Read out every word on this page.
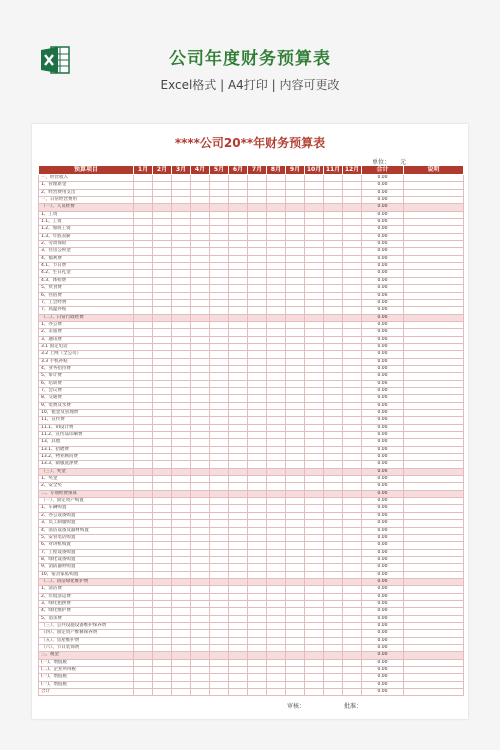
公司年度财务预算表
Excel格式 | A4打印 | 内容可更改
****公司20**年财务预算表
单位： 元
预算项目	1月	2月	3月	4月	5月	6月	7月	8月	9月	10月	11月	12月	合计	说明
一、经营收入													0.00	
1、管理新金													0.00	
2、经营费用支出													0.00	
一、日常经营费用													0.00	
（一）、人员经费													0.00	
1、工资													0.00	
1.1、工资													0.00	
1.2、加班工资													0.00	
1.3、年底双薪													0.00	
2、劳动保险													0.00	
3、住房公积金													0.00	
4、福利费													0.00	
4.1、节日费													0.00	
4.2、生日礼金													0.00	
4.3、体检费													0.00	
5、伙食费													0.00	
6、住宿费													0.00	
7、工会经费													0.00	
7、高温补贴													0.00	
（二）、日常行政经费													0.00	
1、办公费													0.00	
2、差旅费													0.00	
3、通讯费													0.00	
3.1 固定电话													0.00	
3.2 上网（全公司）													0.00	
3.3 手机补贴													0.00	
4、业务招待费													0.00	
5、审计费													0.00	
6、培训费													0.00	
7、会议费													0.00	
8、交通费													0.00	
9、电费及水费													0.00	
10、租金及管理费													0.00	
11、宣传费													0.00	
11.1、VI设计费													0.00	
11.2、宣传品印刷费													0.00	
13、其他													0.00	
13.1、招聘费													0.00	
13.2、物业顾问费													0.00	
13.3、制服洗涤费													0.00	
（三）、奖金													0.00	
1、奖金													0.00	
2、安全奖													0.00	
二、专项经费预算													0.00	
（一）、固定资产购置													0.00	
1、车辆购置													0.00	
2、办公设备购置													0.00	
3、员工制服购置													0.00	
4、清洁设备及器材购置													0.00	
5、安管电话购置													0.00	
6、对讲机购置													0.00	
7、工程设备购置													0.00	
8、绿化设备购置													0.00	
9、消防器材购置													0.00	
10、宿舍家私购置													0.00	
（二）、清洁绿化维护费													0.00	
1、清洁费													0.00	
2、垃圾清运费													0.00	
3、绿化租摆费													0.00	
4、绿化维护费													0.00	
5、消杀费													0.00	
（三）、公共设施设备维护保养费													0.00	
（四）、固定资产维修保养费													0.00	
（五）、房屋维护费													0.00	
（六）、节日装饰费													0.00	
三、税金													0.00	
(一)、增值税													0.00	
(二)、企业所得税													0.00	
(一)、增值税													0.00	
(一)、增值税													0.00	
合计													0.00	
审核：	批准：
